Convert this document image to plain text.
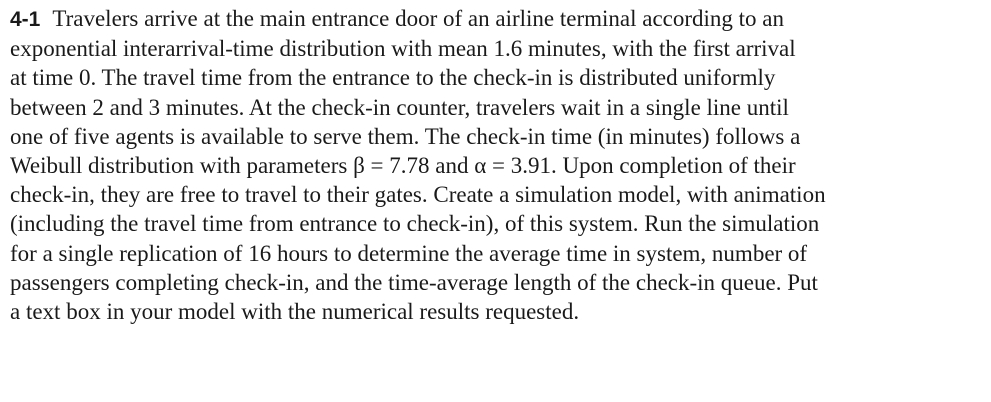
4-1 Travelers arrive at the main entrance door of an airline terminal according to an
exponential interarrival-time distribution with mean 1.6 minutes, with the first arrival
at time 0. The travel time from the entrance to the check-in is distributed uniformly
between 2 and 3 minutes. At the check-in counter, travelers wait in a single line until
one of five agents is available to serve them. The check-in time (in minutes) follows a
Weibull distribution with parameters β = 7.78 and α = 3.91. Upon completion of their
check-in, they are free to travel to their gates. Create a simulation model, with animation
(including the travel time from entrance to check-in), of this system. Run the simulation
for a single replication of 16 hours to determine the average time in system, number of
passengers completing check-in, and the time-average length of the check-in queue. Put
a text box in your model with the numerical results requested.
